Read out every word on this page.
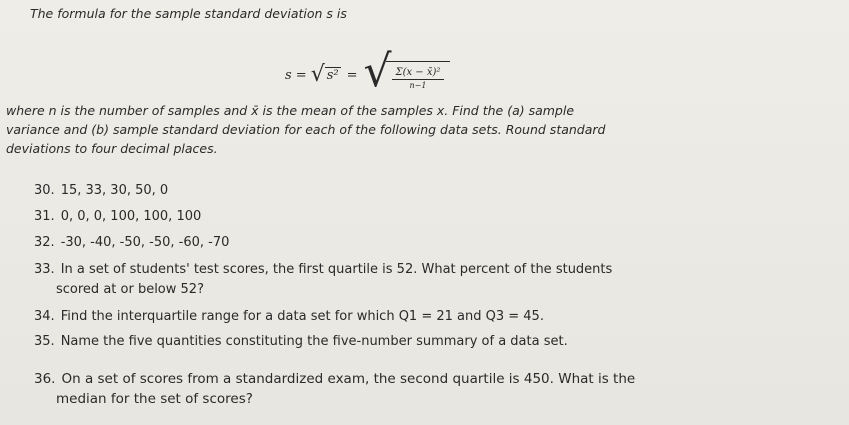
The formula for the sample standard deviation s is
s =	√ s² =	√ $\frac{\text{Σ(x − x̄)²}}{n-1}$
where n is the number of samples and x̄ is the mean of the samples x. Find the (a) sample
variance and (b) sample standard deviation for each of the following data sets. Round standard
deviations to four decimal places.
30. 15, 33, 30, 50, 0
31. 0, 0, 0, 100, 100, 100
32. -30, -40, -50, -50, -60, -70
33. In a set of students' test scores, the first quartile is 52. What percent of the students
scored at or below 52?
34. Find the interquartile range for a data set for which Q1 = 21 and Q3 = 45.
35. Name the five quantities constituting the five-number summary of a data set.
36. On a set of scores from a standardized exam, the second quartile is 450. What is the
median for the set of scores?
